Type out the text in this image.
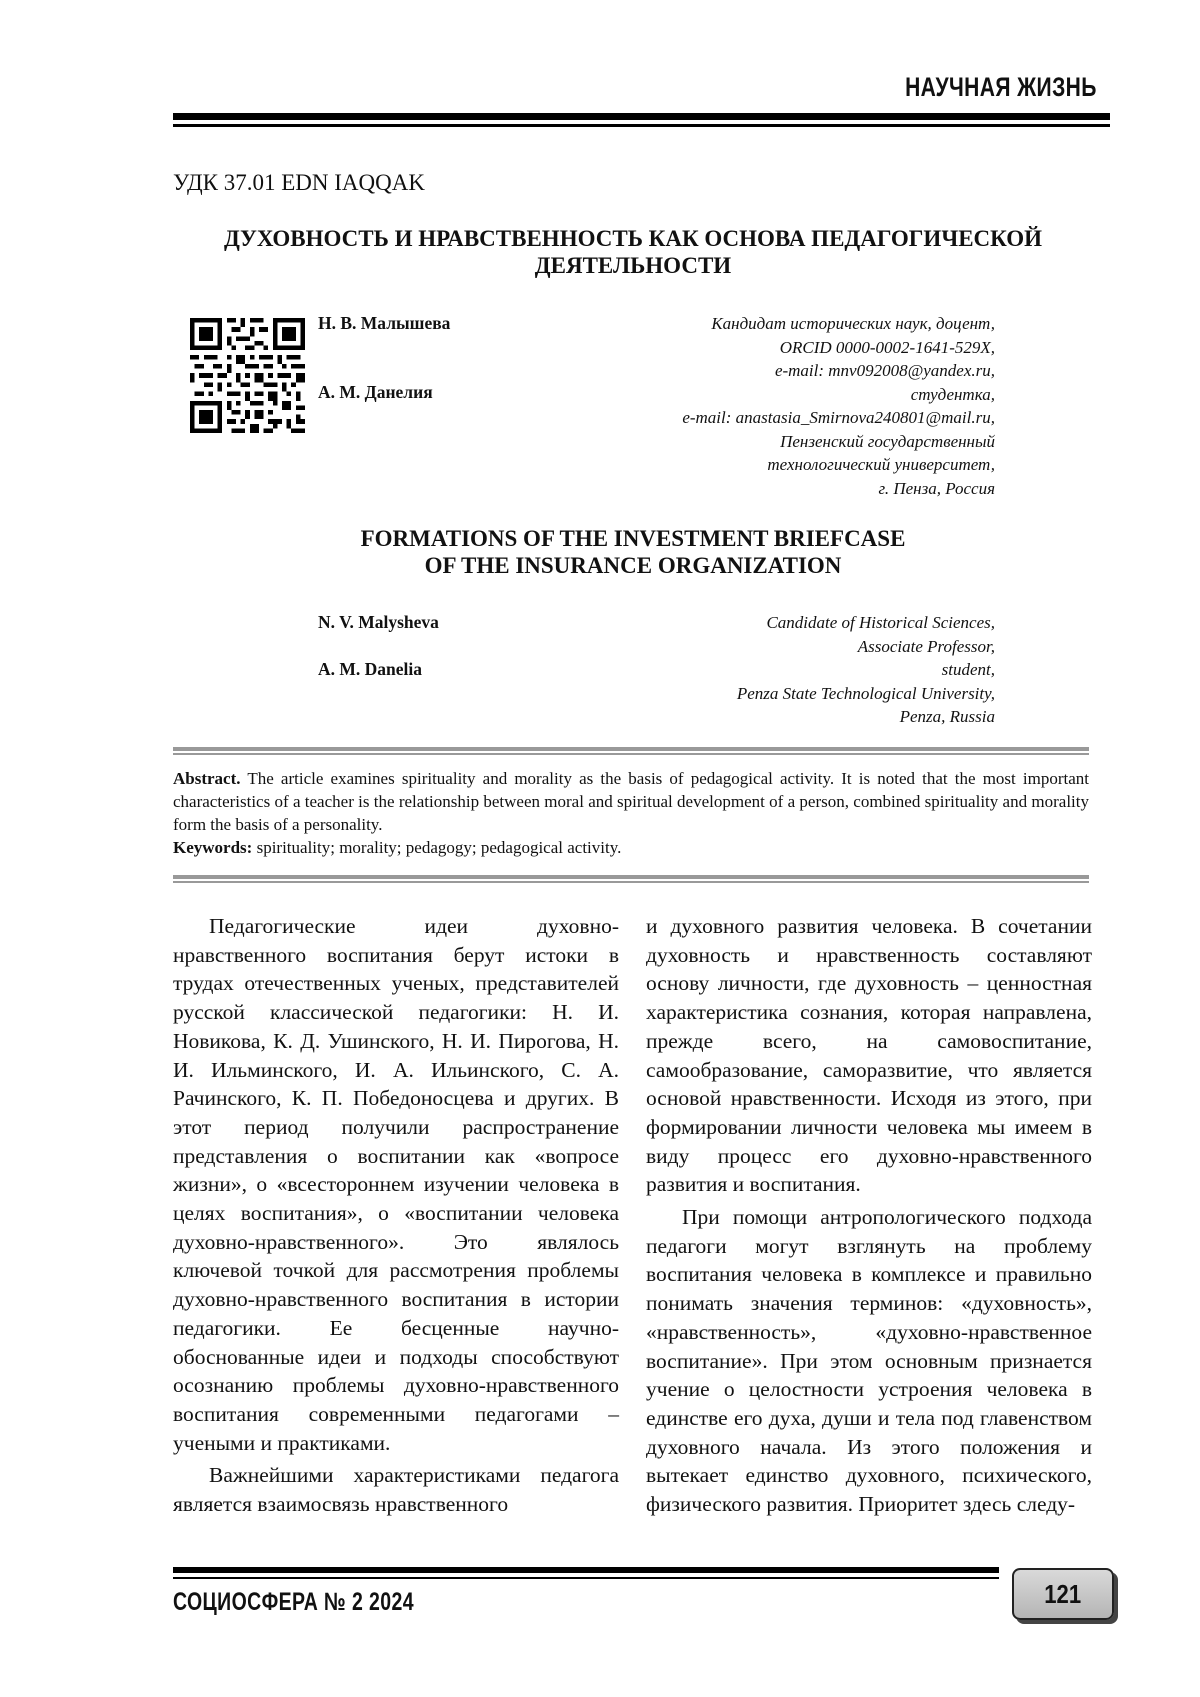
НАУЧНАЯ ЖИЗНЬ
УДК 37.01 EDN IAQQAK
ДУХОВНОСТЬ И НРАВСТВЕННОСТЬ КАК ОСНОВА ПЕДАГОГИЧЕСКОЙ
ДЕЯТЕЛЬНОСТИ
Н. В. Малышева
А. М. Данелия
Кандидат исторических наук, доцент,
ORCID 0000-0002-1641-529X,
e-mail: mnv092008@yandex.ru,
студентка,
e-mail: anastasia_Smirnova240801@mail.ru,
Пензенский государственный
технологический университет,
г. Пенза, Россия
FORMATIONS OF THE INVESTMENT BRIEFCASE
OF THE INSURANCE ORGANIZATION
N. V. Malysheva
A. M. Danelia
Candidate of Historical Sciences,
Associate Professor,
student,
Penza State Technological University,
Penza, Russia
Abstract. The article examines spirituality and morality as the basis of pedagogical activity. It is noted that the most important characteristics of a teacher is the relationship between moral and spiritual development of a person, combined spirituality and morality form the basis of a personality.
Keywords: spirituality; morality; pedagogy; pedagogical activity.

Педагогические идеи духовно-нравственного воспитания берут истоки в трудах отечественных ученых, представителей русской классической педагогики: Н. И. Новикова, К. Д. Ушинского, Н. И. Пирогова, Н. И. Ильминского, И. А. Ильинского, С. А. Рачинского, К. П. Победоносцева и других. В этот период получили распространение представления о воспитании как «вопросе жизни», о «всестороннем изучении человека в целях воспитания», о «воспитании человека духовно-нравственного». Это являлось ключевой точкой для рассмотрения проблемы духовно-нравственного воспитания в истории педагогики. Ее бесценные научно-обоснованные идеи и подходы способствуют осознанию проблемы духовно-нравственного воспитания современными педагогами – учеными и практиками.

Важнейшими характеристиками педагога является взаимосвязь нравственного

и духовного развития человека. В сочетании духовность и нравственность составляют основу личности, где духовность – ценностная характеристика сознания, которая направлена, прежде всего, на самовоспитание, самообразование, саморазвитие, что является основой нравственности. Исходя из этого, при формировании личности человека мы имеем в виду процесс его духовно-нравственного развития и воспитания.

При помощи антропологического подхода педагоги могут взглянуть на проблему воспитания человека в комплексе и правильно понимать значения терминов: «духовность», «нравственность», «духовно-нравственное воспитание». При этом основным признается учение о целостности устроения человека в единстве его духа, души и тела под главенством духовного начала. Из этого положения и вытекает единство духовного, психического, физического развития. Приоритет здесь следу-

СОЦИОСФЕРА № 2 2024	121
